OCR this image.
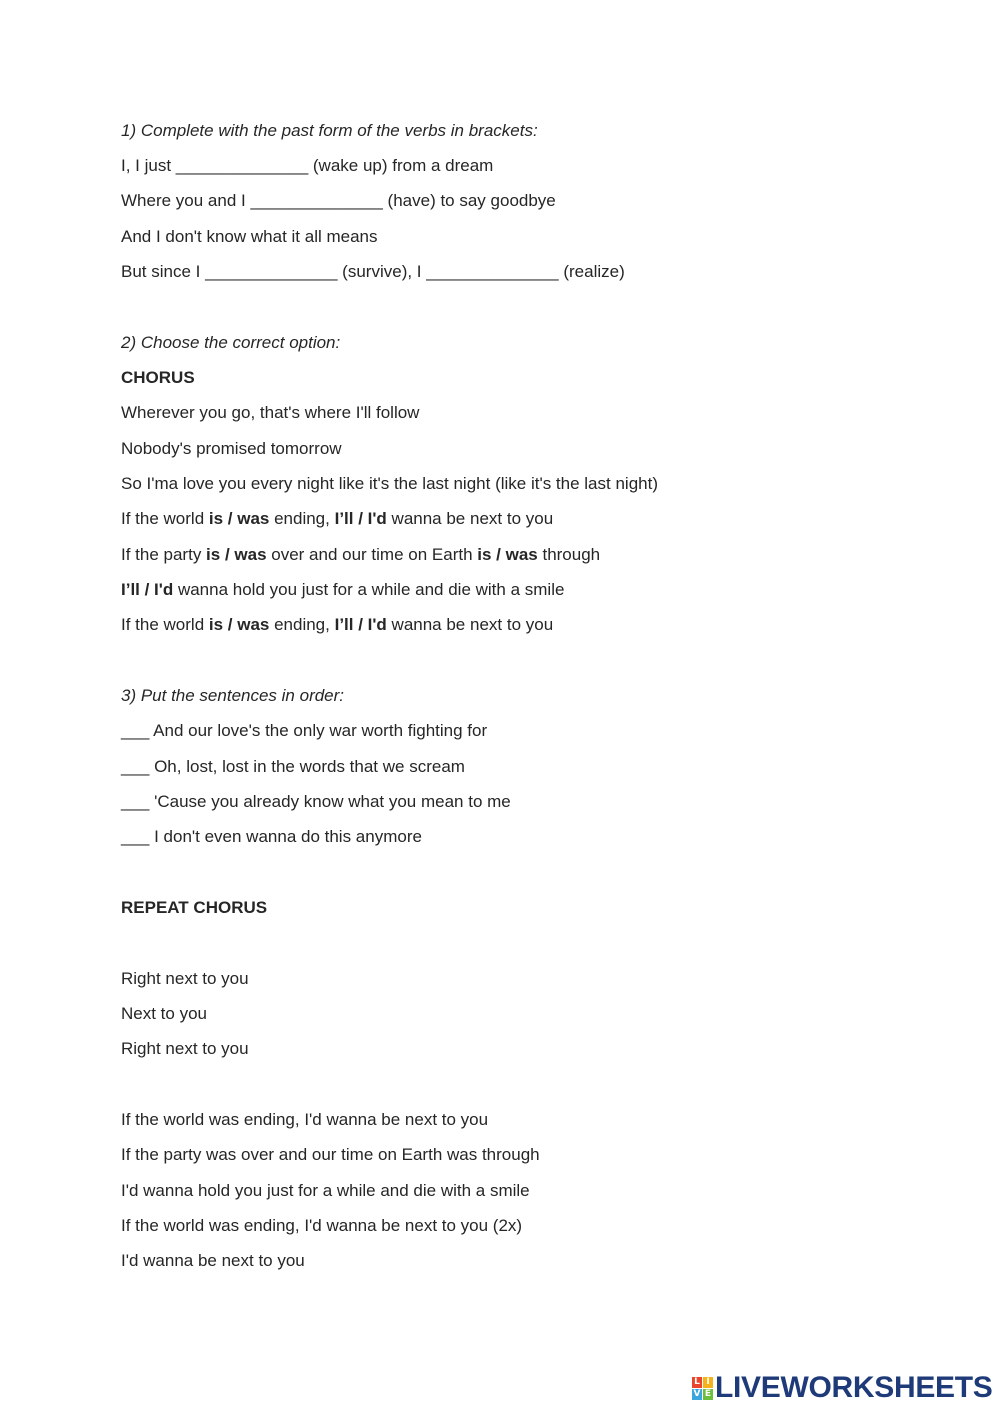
1) Complete with the past form of the verbs in brackets:
I, I just ______________ (wake up) from a dream
Where you and I ______________ (have) to say goodbye
And I don't know what it all means
But since I ______________ (survive), I ______________ (realize)
2) Choose the correct option:
CHORUS
Wherever you go, that's where I'll follow
Nobody's promised tomorrow
So I'ma love you every night like it's the last night (like it's the last night)
If the world is / was ending, I’ll / I'd wanna be next to you
If the party is / was over and our time on Earth is / was through
I’ll / I'd wanna hold you just for a while and die with a smile
If the world is / was ending, I’ll / I'd wanna be next to you
3) Put the sentences in order:
___ And our love's the only war worth fighting for
___ Oh, lost, lost in the words that we scream
___ 'Cause you already know what you mean to me
___ I don't even wanna do this anymore
REPEAT CHORUS
Right next to you
Next to you
Right next to you
If the world was ending, I'd wanna be next to you
If the party was over and our time on Earth was through
I'd wanna hold you just for a while and die with a smile
If the world was ending, I'd wanna be next to you (2x)
I'd wanna be next to you
L I
V E LIVEWORKSHEETS
